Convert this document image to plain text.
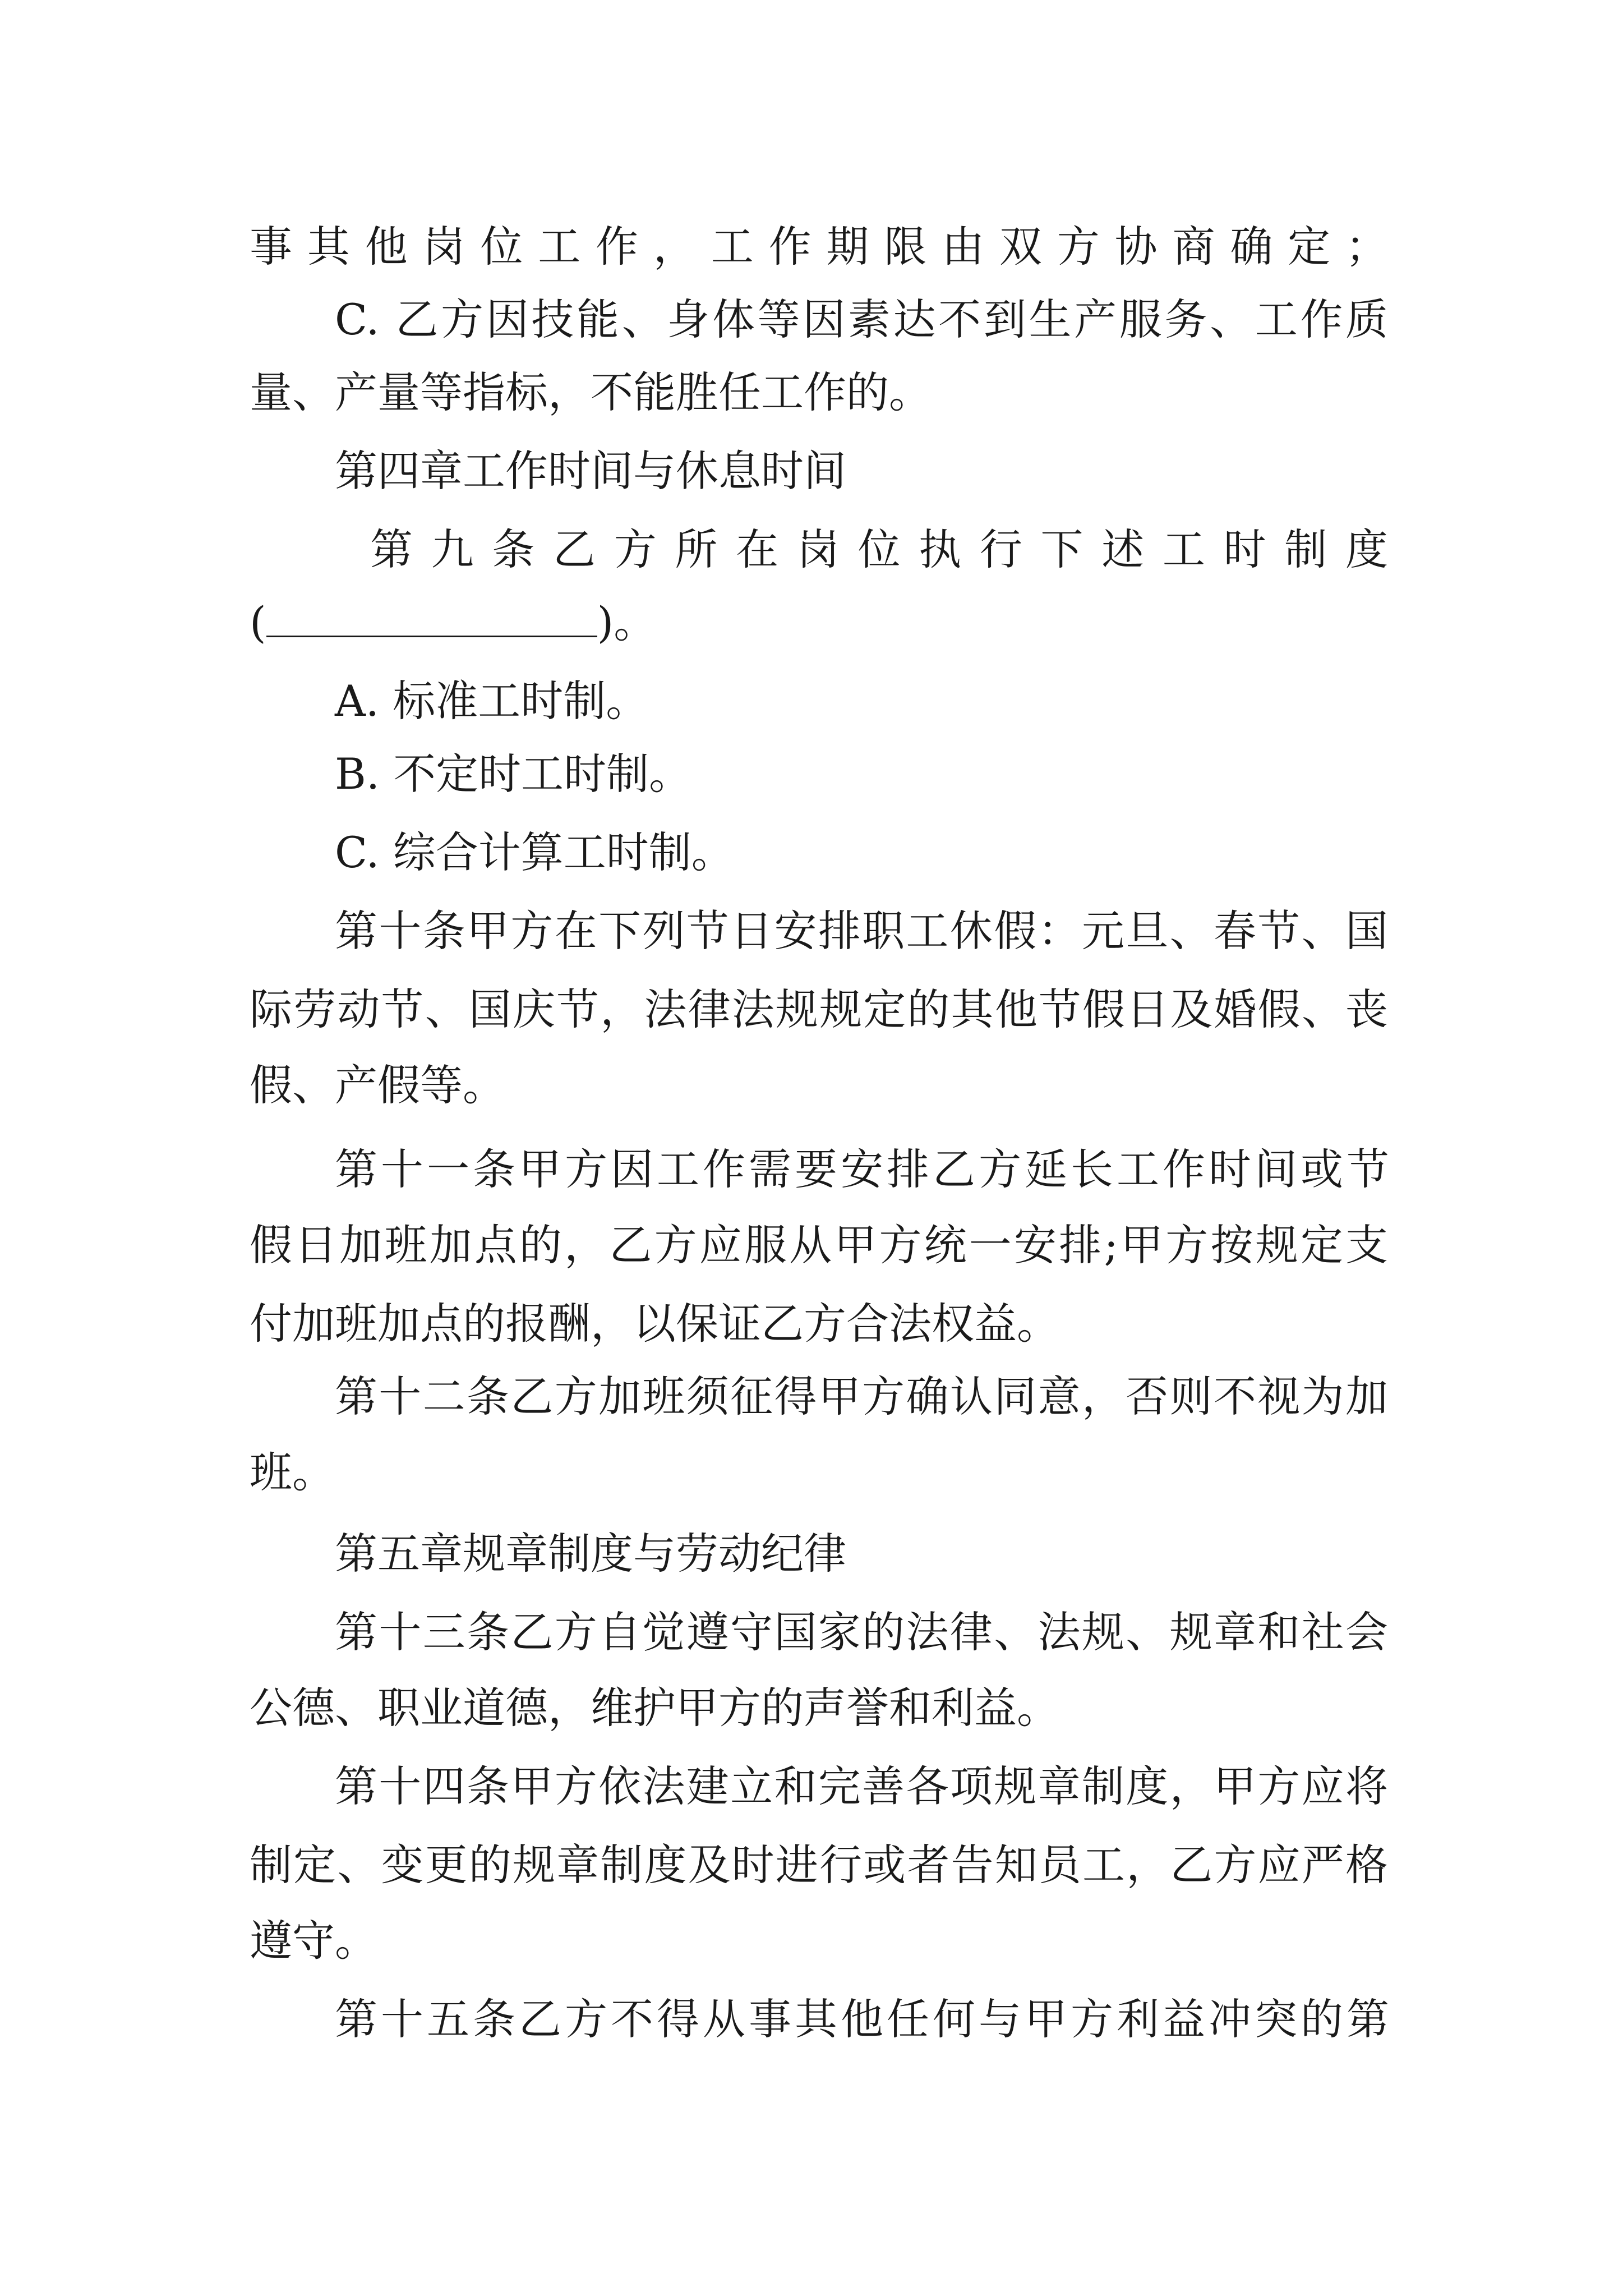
事其他岗位工作，工作期限由双方协商确定；

C. 乙方因技能、身体等因素达不到生产服务、工作质

量、产量等指标，不能胜任工作的。

第四章工作时间与休息时间

第九条乙方所在岗位执行下述工时制度

(	)。

A. 标准工时制。

B. 不定时工时制。

C. 综合计算工时制。

第十条甲方在下列节日安排职工休假：元旦、春节、国

际劳动节、国庆节，法律法规规定的其他节假日及婚假、丧

假、产假等。

第十一条甲方因工作需要安排乙方延长工作时间或节

假日加班加点的，乙方应服从甲方统一安排;甲方按规定支

付加班加点的报酬，以保证乙方合法权益。

第十二条乙方加班须征得甲方确认同意，否则不视为加

班。

第五章规章制度与劳动纪律

第十三条乙方自觉遵守国家的法律、法规、规章和社会

公德、职业道德，维护甲方的声誉和利益。

第十四条甲方依法建立和完善各项规章制度，甲方应将

制定、变更的规章制度及时进行或者告知员工，乙方应严格

遵守。

第十五条乙方不得从事其他任何与甲方利益冲突的第
